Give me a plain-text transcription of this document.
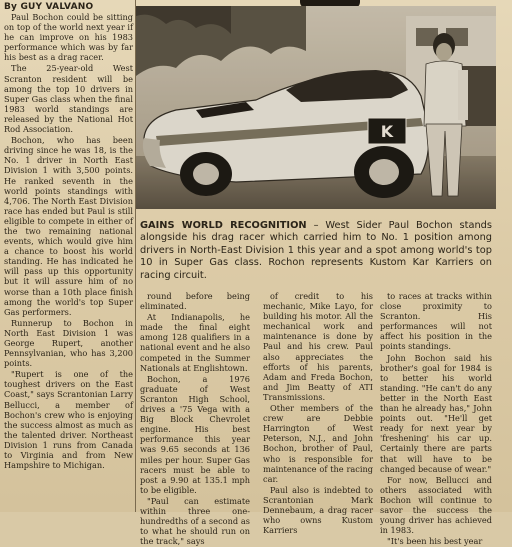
By GUY VALVANO

Paul Bochon could be sitting on top of the world next year if he can improve on his 1983 performance which was by far his best as a drag racer.

The 25-year-old West Scranton resident will be among the top 10 drivers in Super Gas class when the final 1983 world standings are released by the National Hot Rod Association.

Bochon, who has been driving since he was 18, is the No. 1 driver in North East Division 1 with 3,500 points. He ranked seventh in the world points standings with 4,706. The North East Division race has ended but Paul is still eligible to compete in either of the two remaining national events, which would give him a chance to boost his world standing. He has indicated he will pass up this opportunity but it will assure him of no worse than a 10th place finish among the world's top Super Gas performers.

Runnerup to Bochon in North East Division 1 was George Rupert, another Pennsylvanian, who has 3,200 points.

"Rupert is one of the toughest drivers on the East Coast," says Scrantonian Larry Bellucci, a member of Bochon's crew who is enjoying the success almost as much as the talented driver. Northeast Division 1 runs from Canada to Virginia and from New Hampshire to Michigan.

K
GAINS WORLD RECOGNITION – West Sider Paul Bochon stands alongside his drag racer which carried him to No. 1 position among drivers in North-East Division 1 this year and a spot among world's top 10 in Super Gas class. Rochon represents Kustom Kar Karriers on racing circuit.

round before being eliminated.

At Indianapolis, he made the final eight among 128 qualifiers in a national event and he also competed in the Summer Nationals at Englishtown.

Bochon, a 1976 graduate of West Scranton High School, drives a '75 Vega with a Big Block Chevrolet engine. His best performance this year was 9.65 seconds at 136 miles per hour. Super Gas racers must be able to post a 9.90 at 135.1 mph to be eligible.

"Paul can estimate within three one-hundredths of a second as to what he should run on the track," says

of credit to his mechanic, Mike Layo, for building his motor. All the mechanical work and maintenance is done by Paul and his crew. Paul also appreciates the efforts of his parents, Adam and Freda Bochon, and Jim Beatty of ATI Transmissions.

Other members of the crew are Debbie Harrington of West Peterson, N.J., and John Bochon, brother of Paul, who is responsible for maintenance of the racing car.

Paul also is indebted to Scrantonian Mark Dennebaum, a drag racer who owns Kustom Karriers

to races at tracks within close proximity to Scranton. His performances will not affect his position in the points standings.

John Bochon said his brother's goal for 1984 is to better his world standing. "He can't do any better in the North East than he already has," John points out. "He'll get ready for next year by 'freshening' his car up. Certainly there are parts that will have to be changed because of wear."

For now, Bellucci and others associated with Bochon will continue to savor the success the young driver has achieved in 1983.

"It's been his best year
